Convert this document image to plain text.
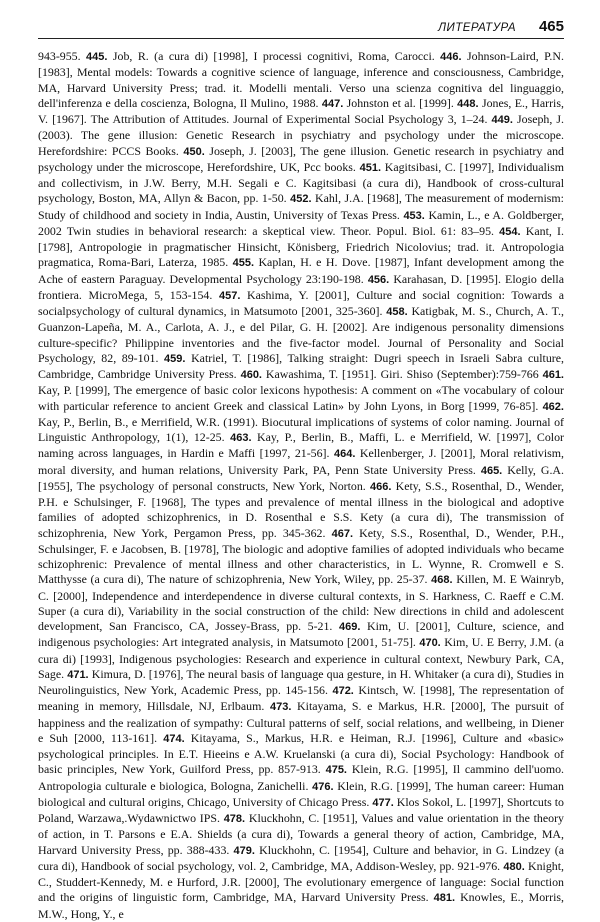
ЛИТЕРАТУРА 465
943-955. 445. Job, R. (a cura di) [1998], I processi cognitivi, Roma, Carocci. 446. Johnson-Laird, P.N. [1983], Mental models: Towards a cognitive science of language, inference and consciousness, Cambridge, MA, Harvard University Press; trad. it. Modelli mentali. Verso una scienza cognitiva del linguaggio, dell'inferenza e della coscienza, Bologna, Il Mulino, 1988. 447. Johnston et al. [1999]. 448. Jones, E., Harris, V. [1967]. The Attribution of Attitudes. Journal of Experimental Social Psychology 3, 1–24. 449. Joseph, J. (2003). The gene illusion: Genetic Research in psychiatry and psychology under the microscope. Herefordshire: PCCS Books. 450. Joseph, J. [2003], The gene illusion. Genetic research in psychiatry and psychology under the microscope, Herefordshire, UK, Pcc books. 451. Kagitsibasi, C. [1997], Individualism and collectivism, in J.W. Berry, M.H. Segali e C. Kagitsibasi (a cura di), Handbook of cross-cultural psychology, Boston, MA, Allyn & Bacon, pp. 1-50. 452. Kahl, J.A. [1968], The measurement of modernism: Study of childhood and society in India, Austin, University of Texas Press. 453. Kamin, L., e A. Goldberger, 2002 Twin studies in behavioral research: a skeptical view. Theor. Popul. Biol. 61: 83–95. 454. Kant, I. [1798], Antropologie in pragmatischer Hinsicht, Könisberg, Friedrich Nicolovius; trad. it. Antropologia pragmatica, Roma-Bari, Laterza, 1985. 455. Kaplan, H. e H. Dove. [1987], Infant development among the Ache of eastern Paraguay. Developmental Psychology 23:190-198. 456. Karahasan, D. [1995]. Elogio della frontiera. MicroMega, 5, 153-154. 457. Kashima, Y. [2001], Culture and social cognition: Towards a socialpsychology of cultural dynamics, in Matsumoto [2001, 325-360]. 458. Katigbak, M. S., Church, A. T., Guanzon-Lapeña, M. A., Carlota, A. J., e del Pilar, G. H. [2002]. Are indigenous personality dimensions culture-specific? Philippine inventories and the five-factor model. Journal of Personality and Social Psychology, 82, 89-101. 459. Katriel, T. [1986], Talking straight: Dugri speech in Israeli Sabra culture, Cambridge, Cambridge University Press. 460. Kawashima, T. [1951]. Giri. Shiso (September):759-766 461. Kay, P. [1999], The emergence of basic color lexicons hypothesis: A comment on «The vocabulary of colour with particular reference to ancient Greek and classical Latin» by John Lyons, in Borg [1999, 76-85]. 462. Kay, P., Berlin, B., e Merrifield, W.R. (1991). Biocutural implications of systems of color naming. Journal of Linguistic Anthropology, 1(1), 12-25. 463. Kay, P., Berlin, B., Maffi, L. e Merrifield, W. [1997], Color naming across languages, in Hardin e Maffi [1997, 21-56]. 464. Kellenberger, J. [2001], Moral relativism, moral diversity, and human relations, University Park, PA, Penn State University Press. 465. Kelly, G.A. [1955], The psychology of personal constructs, New York, Norton. 466. Kety, S.S., Rosenthal, D., Wender, P.H. e Schulsinger, F. [1968], The types and prevalence of mental illness in the biological and adoptive families of adopted schizophrenics, in D. Rosenthal e S.S. Kety (a cura di), The transmission of schizophrenia, New York, Pergamon Press, pp. 345-362. 467. Kety, S.S., Rosenthal, D., Wender, P.H., Schulsinger, F. e Jacobsen, B. [1978], The biologic and adoptive families of adopted individuals who became schizophrenic: Prevalence of mental illness and other characteristics, in L. Wynne, R. Cromwell e S. Matthysse (a cura di), The nature of schizophrenia, New York, Wiley, pp. 25-37. 468. Killen, M. E Wainryb, C. [2000], Independence and interdependence in diverse cultural contexts, in S. Harkness, C. Raeff e C.M. Super (a cura di), Variability in the social construction of the child: New directions in child and adolescent development, San Francisco, CA, Jossey-Brass, pp. 5-21. 469. Kim, U. [2001], Culture, science, and indigenous psychologies: Art integrated analysis, in Matsumoto [2001, 51-75]. 470. Kim, U. E Berry, J.M. (a cura di) [1993], Indigenous psychologies: Research and experience in cultural context, Newbury Park, CA, Sage. 471. Kimura, D. [1976], The neural basis of language qua gesture, in H. Whitaker (a cura di), Studies in Neurolinguistics, New York, Academic Press, pp. 145-156. 472. Kintsch, W. [1998], The representation of meaning in memory, Hillsdale, NJ, Erlbaum. 473. Kitayama, S. e Markus, H.R. [2000], The pursuit of happiness and the realization of sympathy: Cultural patterns of self, social relations, and wellbeing, in Diener e Suh [2000, 113-161]. 474. Kitayama, S., Markus, H.R. e Heiman, R.J. [1996], Culture and «basic» psychological principles. In E.T. Hieeins e A.W. Kruelanski (a cura di), Social Psychology: Handbook of basic principles, New York, Guilford Press, pp. 857-913. 475. Klein, R.G. [1995], Il cammino dell'uomo. Antropologia culturale e biologica, Bologna, Zanichelli. 476. Klein, R.G. [1999], The human career: Human biological and cultural origins, Chicago, University of Chicago Press. 477. Klos Sokol, L. [1997], Shortcuts to Poland, Warzawa,.Wydawnictwo IPS. 478. Kluckhohn, C. [1951], Values and value orientation in the theory of action, in T. Parsons e E.A. Shields (a cura di), Towards a general theory of action, Cambridge, MA, Harvard University Press, pp. 388-433. 479. Kluckhohn, C. [1954], Culture and behavior, in G. Lindzey (a cura di), Handbook of social psychology, vol. 2, Cambridge, MA, Addison-Wesley, pp. 921-976. 480. Knight, C., Studdert-Kennedy, M. e Hurford, J.R. [2000], The evolutionary emergence of language: Social function and the origins of linguistic form, Cambridge, MA, Harvard University Press. 481. Knowles, E., Morris, M.W., Hong, Y., e
